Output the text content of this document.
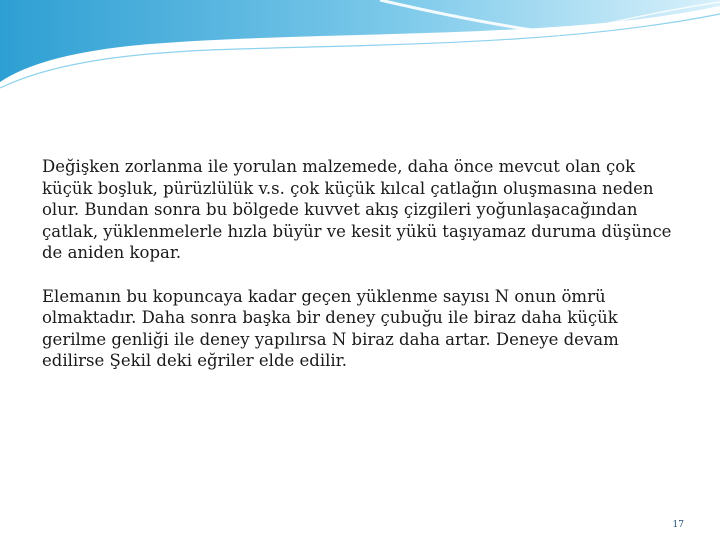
Değişken zorlanma ile yorulan malzemede, daha önce mevcut olan çok küçük boşluk, pürüzlülük v.s. çok küçük kılcal çatlağın oluşmasına neden olur. Bundan sonra bu bölgede kuvvet akış çizgileri yoğunlaşacağından çatlak, yüklenmelerle hızla büyür ve kesit yükü taşıyamaz duruma düşünce de aniden kopar.

Elemanın bu kopuncaya kadar geçen yüklenme sayısı N onun ömrü olmaktadır. Daha sonra başka bir deney çubuğu ile biraz daha küçük gerilme genliği ile deney yapılırsa N biraz daha artar. Deneye devam edilirse Şekil deki eğriler elde edilir.

17
